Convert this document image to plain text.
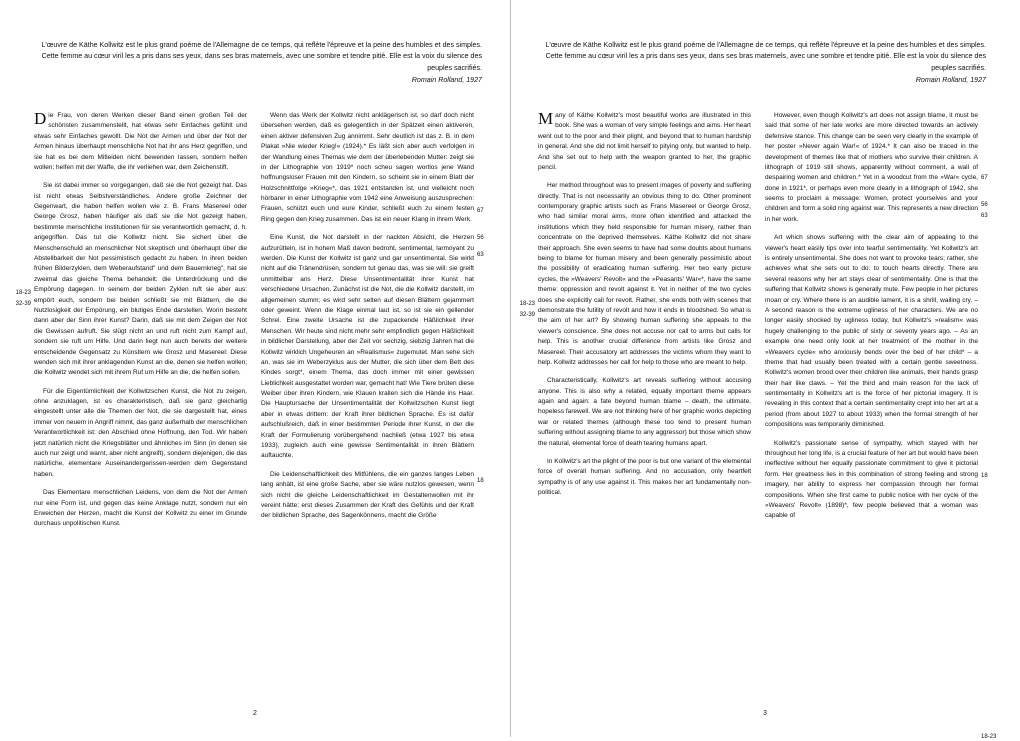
L'œuvre de Käthe Kollwitz est le plus grand poème de l'Allemagne de ce temps, qui reflète l'épreuve et la peine des humbles et des simples. Cette femme au cœur viril les a pris dans ses yeux, dans ses bras maternels, avec une sombre et tendre pitié. Elle est la voix du silence des peuples sacrifiés.
Romain Rolland, 1927
18-23
32-39

Die Frau, von deren Werken dieser Band einen großen Teil der schönsten zusammenstellt, hat etwas sehr Einfaches gefühlt und etwas sehr Einfaches gewollt. Die Not der Armen und über der Not der Armen hinaus überhaupt menschliche Not hat ihr ans Herz gegriffen, und sie hat es bei dem Mitleiden nicht bewenden lassen, sondern helfen wollen; helfen mit der Waffe, die ihr verliehen war, dem Zeichenstift.

Sie ist dabei immer so vorgegangen, daß sie die Not gezeigt hat. Das ist nicht etwas Selbstverständliches. Andere große Zeichner der Gegenwart, die haben helfen wollen wie z. B. Frans Masereel oder George Grosz, haben häufiger als daß sie die Not gezeigt haben, bestimmte menschliche Institutionen für sie verantwortlich gemacht, d. h. angegriffen. Das tut die Kollwitz nicht. Sie sichert über die Menschenschuld an menschlicher Not skeptisch und überhaupt über die Abstellbarkeit der Not pessimistisch gedacht zu haben. In ihren beiden frühen Bilderzyklen, dem Weberaufstand" und dem Bauernkrieg", hat sie zweimal das gleiche Thema behandelt: die Unterdrückung und die Empörung dagegen. In seinem der beiden Zyklen ruft sie aber aus: empört euch, sondern bei beiden schließt sie mit Blättern, die die Nutzlosigkeit der Empörung, ein blutiges Ende darstellen. Worin besteht dann aber der Sinn ihrer Kunst? Darin, daß sie mit dem Zeigen der Not die Gewissen aufruft. Sie slügt nicht an und ruft nicht zum Kampf auf, sondern sie ruft um Hilfe. Und darin liegt nun auch bereits der weitere entscheidende Gegensatz zu Künstlern wie Grosz und Masereel: Diese wenden sich mit ihrer anklagenden Kunst an die, denen sie helfen wollen; die Kollwitz wendet sich mit ihrem Ruf um Hilfe an die, die helfen sollen.

Für die Eigentümlichkeit der Kollwitzschen Kunst, die Not zu zeigen, ohne anzuklagen, ist es charakteristisch, daß sie ganz gleichartig eingestellt unter alle die Themen der Not, die sie dargestellt hat, eines immer von neuem in Angriff nimmt, das ganz außerhalb der menschlichen Verantwortlichkeit ist: den Abschied ohne Hoffnung, den Tod. Wir haben jetzt natürlich nicht die Kriegsblätter und ähnliches im Sinn (in denen sie auch nur zeigt und warnt, aber nicht angreift), sondern diejenigen, die das natürliche, elementare Auseinandergerissen-werden dem Gegenstand haben.

Das Elementare menschlichen Leidens, von dem die Not der Armen nur eine Form ist, und gegen das keine Anklage nutzt, sondern nur ein Erweichen der Herzen, macht die Kunst der Kollwitz zu einer im Grunde durchaus unpolitischen Kunst.

67
56
63
18

Wenn das Werk der Kollwitz nicht anklägerisch ist, so darf doch nicht übersehen werden, daß es gelegentlich in der Spätzeit einen aktiveren, einen aktiver defensiven Zug annimmt. Sehr deutlich ist das z. B. in dem Plakat »Nie wieder Krieg!« (1924).* Es läßt sich aber auch verfolgen in der Wandlung eines Themas wie dem der überlebenden Mutter: zeigt sie in der Lithographie von 1919* noch scheu sagen wortlos jene Wand hoffnungsloser Frauen mit den Kindern, so scheint sie in einem Blatt der Holzschnittfolge »Krieg«*, das 1921 entstanden ist, und vielleicht noch hörbarer in einer Lithographie vom 1942 eine Anweisung auszusprechen: Frauen, schützt euch und eure Kinder, schließt euch zu einem festen Ring gegen den Krieg zusammen. Das ist ein neuer Klang in ihrem Werk.

Eine Kunst, die Not darstellt in der nackten Absicht, die Herzen aufzurütteln, ist in hohem Maß davon bedroht, sentimental, larmoyant zu werden. Die Kunst der Kollwitz ist ganz und gar unsentimental. Sie wirkt nicht auf die Tränendrüsen, sondern tut genau das, was sie will: sie greift unmittelbar ans Herz. Diese Unsentimentalität ihrer Kunst hat verschiedene Ursachen. Zunächst ist die Not, die die Kollwitz darstellt, im allgemeinen stumm; es wird sehr selten auf diesen Blättern gejammert oder geweint. Wenn die Klage einmal laut ist, so ist sie ein gellender Schrei. Eine zweite Ursache ist die zupackende Häßlichkeit ihrer Menschen. Wir heute sind nicht mehr sehr empfindlich gegen Häßlichkeit in bildlicher Darstellung, aber der Zeit vor sechzig, siebzig Jahren hat die Kollwitz wirklich Ungeheuren an »Realismus« zugemutet. Man sehe sich an, was sie im Weberzyklus aus der Mutter, die sich über dem Bett des Kindes sorgt*, einem Thema, das doch immer mit einer gewissen Lieblichkeit ausgestattet worden war, gemacht hat! Wie Tiere brüten diese Weiber über ihren Kindern, wie Klauen krallen sich die Hände ins Haar. Die Hauptursache der Unsentimentalität der Kollwitzschen Kunst liegt aber in etwas drittem: der Kraft ihrer bildlichen Sprache. Es ist dafür aufschlußreich, daß in einer bestimmten Periode ihrer Kunst, in der die Kraft der Formulierung vorübergehend nachließ (etwa 1927 bis etwa 1933), zugleich auch eine gewisse Sentimentalität in ihren Blättern auftauchte.

Die Leidenschaftlichkeit des Mitfühlens, die ein ganzes langes Leben lang anhält, ist eine große Sache, aber sie wäre nutzlos gewesen, wenn sich nicht die gleiche Leidenschaftlichkeit im Gestaltenwollen mit ihr vereint hätte; erst dieses Zusammen der Kraft des Gefühls und der Kraft der bildlichen Sprache, des Sagenkönnens, macht die Größe

2
L'œuvre de Käthe Kollwitz est le plus grand poème de l'Allemagne de ce temps, qui reflète l'épreuve et la peine des humbles et des simples. Cette femme au cœur viril les a pris dans ses yeux, dans ses bras maternels, avec une sombre et tendre pitié. Elle est la voix du silence des peuples sacrifiés.
Romain Rolland, 1927
18-23
32-39

Many of Käthe Kollwitz's most beautiful works are illustrated in this book. She was a woman of very simple feelings and aims. Her heart went out to the poor and their plight, and beyond that to human hardship in general. And she did not limit herself to pitying only, but wanted to help. And she set out to help with the weapon granted to her, the graphic pencil.

Her method throughout was to present images of poverty and suffering directly. That is not necessarily an obvious thing to do. Other prominent contemporary graphic artists such as Frans Masereel or George Grosz, who had similar moral aims, more often identified and attacked the institutions which they held responsible for human misery, rather than concentrate on the deprived themselves. Käthe Kollwitz did not share their approach. She even seems to have had some doubts about humans being to blame for human misery and been generally pessimistic about the possibility of eradicating human suffering. Her two early picture cycles, the »Weavers' Revolt« and the »Peasants' War«*, have the same theme: oppression and revolt against it. Yet in neither of the two cycles does she explicitly call for revolt. Rather, she ends both with scenes that demonstrate the futility of revolt and how it ends in bloodshed. So what is the aim of her art? By showing human suffering she appeals to the viewer's conscience. She does not accuse nor call to arms but calls for help. This is another crucial difference from artists like Grosz and Masereel. Their accusatory art addresses the victims whom they want to help. Kollwitz addresses her call for help to those who are meant to help.

Characteristically, Kollwitz's art reveals suffering without accusing anyone. This is also why a related, equally important theme appears again and again: a fate beyond human blame – death, the ultimate, hopeless farewell. We are not thinking here of her graphic works depicting war or related themes (although these too tend to present human suffering without assigning blame to any aggressor) but those which show the natural, elemental force of death tearing humans apart.

In Kollwitz's art the plight of the poor is but one variant of the elemental force of overall human suffering. And no accusation, only heartfelt sympathy is of any use against it. This makes her art fundamentally non-political.

67
56
63
18
18-23

However, even though Kollwitz's art does not assign blame, it must be said that some of her late works are more directed towards an actively defensive stance. This change can be seen very clearly in the example of her poster »Never again War!« of 1924.* It can also be traced in the development of themes like that of mothers who survive their children. A lithograph of 1919 still shows, apparently without comment, a wall of despairing women and children.* Yet in a woodcut from the »War« cycle, done in 1921*, or perhaps even more clearly in a lithograph of 1942, she seems to proclaim a message: Women, protect yourselves and your children and form a solid ring against war. This represents a new direction in her work.

Art which shows suffering with the clear aim of appealing to the viewer's heart easily tips over into tearful sentimentality. Yet Kollwitz's art is entirely unsentimental. She does not want to provoke tears; rather, she achieves what she sets out to do: to touch hearts directly. There are several reasons why her art stays clear of sentimentality. One is that the suffering that Kollwitz shows is generally mute. Few people in her pictures moan or cry. Where there is an audible lament, it is a shrill, wailing cry. – A second reason is the extreme ugliness of her characters. We are no longer easily shocked by ugliness today, but Kollwitz's »realism« was hugely challenging to the public of sixty or seventy years ago. – As an example one need only look at her treatment of the mother in the »Weavers cycle« who anxiously bends over the bed of her child* – a theme that had usually been treated with a certain gentle sweetness. Kollwitz's women brood over their children like animals, their hands grasp their hair like claws. – Yet the third and main reason for the lack of sentimentality in Kollwitz's art is the force of her pictorial imagery. It is revealing in this context that a certain sentimentality crept into her art at a period (from about 1927 to about 1933) when the formal strength of her compositions was temporarily diminished.

Kollwitz's passionate sense of sympathy, which stayed with her throughout her long life, is a crucial feature of her art but would have been ineffective without her equally passionate commitment to give it pictorial form. Her greatness lies in this combination of strong feeling and strong imagery, her ability to express her compassion through her formal compositions. When she first came to public notice with her cycle of the »Weavers' Revolt« (1898)*, few people believed that a woman was capable of

3
